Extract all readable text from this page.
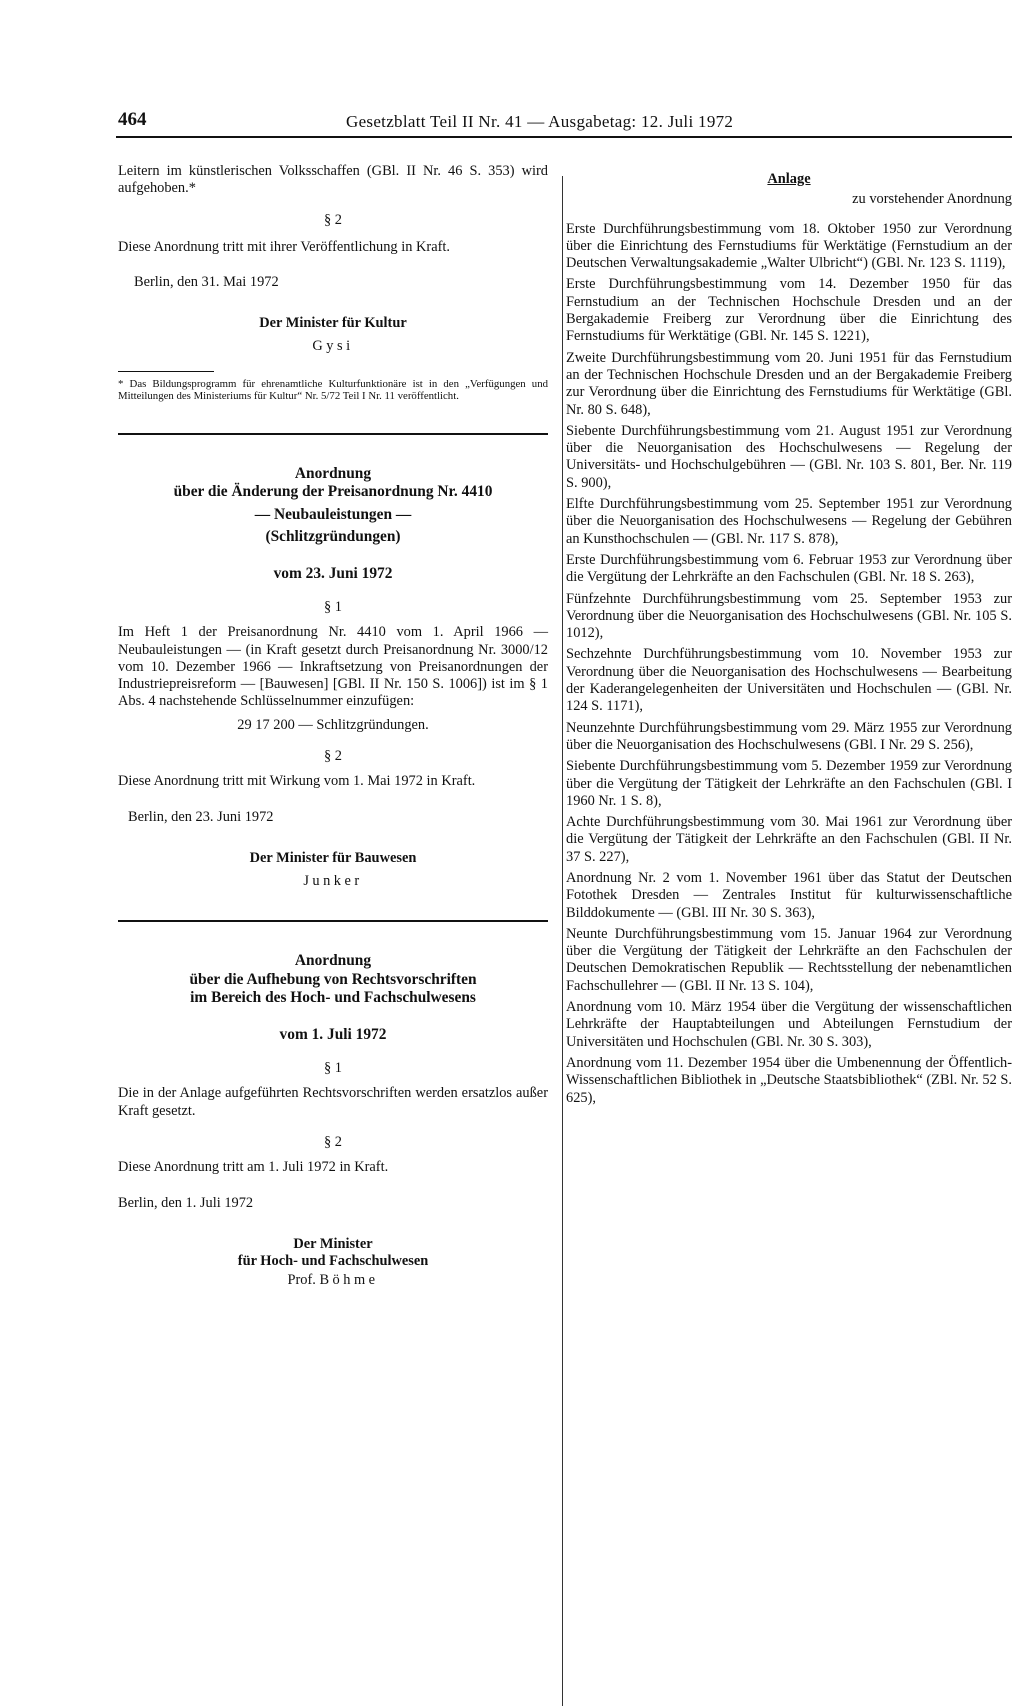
464	Gesetzblatt Teil II Nr. 41 — Ausgabetag: 12. Juli 1972

Leitern im künstlerischen Volksschaffen (GBl. II Nr. 46 S. 353) wird aufgehoben.*

§ 2

Diese Anordnung tritt mit ihrer Veröffentlichung in Kraft.

Berlin, den 31. Mai 1972

Der Minister für Kultur

Gysi

* Das Bildungsprogramm für ehrenamtliche Kulturfunktionäre ist in den „Verfügungen und Mitteilungen des Ministeriums für Kultur“ Nr. 5/72 Teil I Nr. 11 veröffentlicht.

Anordnung

über die Änderung der Preisanordnung Nr. 4410

— Neubauleistungen —

(Schlitzgründungen)

vom 23. Juni 1972

§ 1

Im Heft 1 der Preisanordnung Nr. 4410 vom 1. April 1966 — Neubauleistungen — (in Kraft gesetzt durch Preisanordnung Nr. 3000/12 vom 10. Dezember 1966 — Inkraftsetzung von Preisanordnungen der Industriepreisreform — [Bauwesen] [GBl. II Nr. 150 S. 1006]) ist im § 1 Abs. 4 nachstehende Schlüsselnummer einzufügen:

29 17 200 — Schlitzgründungen.

§ 2

Diese Anordnung tritt mit Wirkung vom 1. Mai 1972 in Kraft.

Berlin, den 23. Juni 1972

Der Minister für Bauwesen

Junker

Anordnung

über die Aufhebung von Rechtsvorschriften

im Bereich des Hoch- und Fachschulwesens

vom 1. Juli 1972

§ 1

Die in der Anlage aufgeführten Rechtsvorschriften werden ersatzlos außer Kraft gesetzt.

§ 2

Diese Anordnung tritt am 1. Juli 1972 in Kraft.

Berlin, den 1. Juli 1972

Der Minister

für Hoch- und Fachschulwesen

Prof. Böhme

Anlage

zu vorstehender Anordnung

Erste Durchführungsbestimmung vom 18. Oktober 1950 zur Verordnung über die Einrichtung des Fernstudiums für Werktätige (Fernstudium an der Deutschen Verwaltungsakademie „Walter Ulbricht“) (GBl. Nr. 123 S. 1119),

Erste Durchführungsbestimmung vom 14. Dezember 1950 für das Fernstudium an der Technischen Hochschule Dresden und an der Bergakademie Freiberg zur Verordnung über die Einrichtung des Fernstudiums für Werktätige (GBl. Nr. 145 S. 1221),

Zweite Durchführungsbestimmung vom 20. Juni 1951 für das Fernstudium an der Technischen Hochschule Dresden und an der Bergakademie Freiberg zur Verordnung über die Einrichtung des Fernstudiums für Werktätige (GBl. Nr. 80 S. 648),

Siebente Durchführungsbestimmung vom 21. August 1951 zur Verordnung über die Neuorganisation des Hochschulwesens — Regelung der Universitäts- und Hochschulgebühren — (GBl. Nr. 103 S. 801, Ber. Nr. 119 S. 900),

Elfte Durchführungsbestimmung vom 25. September 1951 zur Verordnung über die Neuorganisation des Hochschulwesens — Regelung der Gebühren an Kunsthochschulen — (GBl. Nr. 117 S. 878),

Erste Durchführungsbestimmung vom 6. Februar 1953 zur Verordnung über die Vergütung der Lehrkräfte an den Fachschulen (GBl. Nr. 18 S. 263),

Fünfzehnte Durchführungsbestimmung vom 25. September 1953 zur Verordnung über die Neuorganisation des Hochschulwesens (GBl. Nr. 105 S. 1012),

Sechzehnte Durchführungsbestimmung vom 10. November 1953 zur Verordnung über die Neuorganisation des Hochschulwesens — Bearbeitung der Kaderangelegenheiten der Universitäten und Hochschulen — (GBl. Nr. 124 S. 1171),

Neunzehnte Durchführungsbestimmung vom 29. März 1955 zur Verordnung über die Neuorganisation des Hochschulwesens (GBl. I Nr. 29 S. 256),

Siebente Durchführungsbestimmung vom 5. Dezember 1959 zur Verordnung über die Vergütung der Tätigkeit der Lehrkräfte an den Fachschulen (GBl. I 1960 Nr. 1 S. 8),

Achte Durchführungsbestimmung vom 30. Mai 1961 zur Verordnung über die Vergütung der Tätigkeit der Lehrkräfte an den Fachschulen (GBl. II Nr. 37 S. 227),

Anordnung Nr. 2 vom 1. November 1961 über das Statut der Deutschen Fotothek Dresden — Zentrales Institut für kulturwissenschaftliche Bilddokumente — (GBl. III Nr. 30 S. 363),

Neunte Durchführungsbestimmung vom 15. Januar 1964 zur Verordnung über die Vergütung der Tätigkeit der Lehrkräfte an den Fachschulen der Deutschen Demokratischen Republik — Rechtsstellung der nebenamtlichen Fachschullehrer — (GBl. II Nr. 13 S. 104),

Anordnung vom 10. März 1954 über die Vergütung der wissenschaftlichen Lehrkräfte der Hauptabteilungen und Abteilungen Fernstudium der Universitäten und Hochschulen (GBl. Nr. 30 S. 303),

Anordnung vom 11. Dezember 1954 über die Umbenennung der Öffentlich-Wissenschaftlichen Bibliothek in „Deutsche Staatsbibliothek“ (ZBl. Nr. 52 S. 625),
